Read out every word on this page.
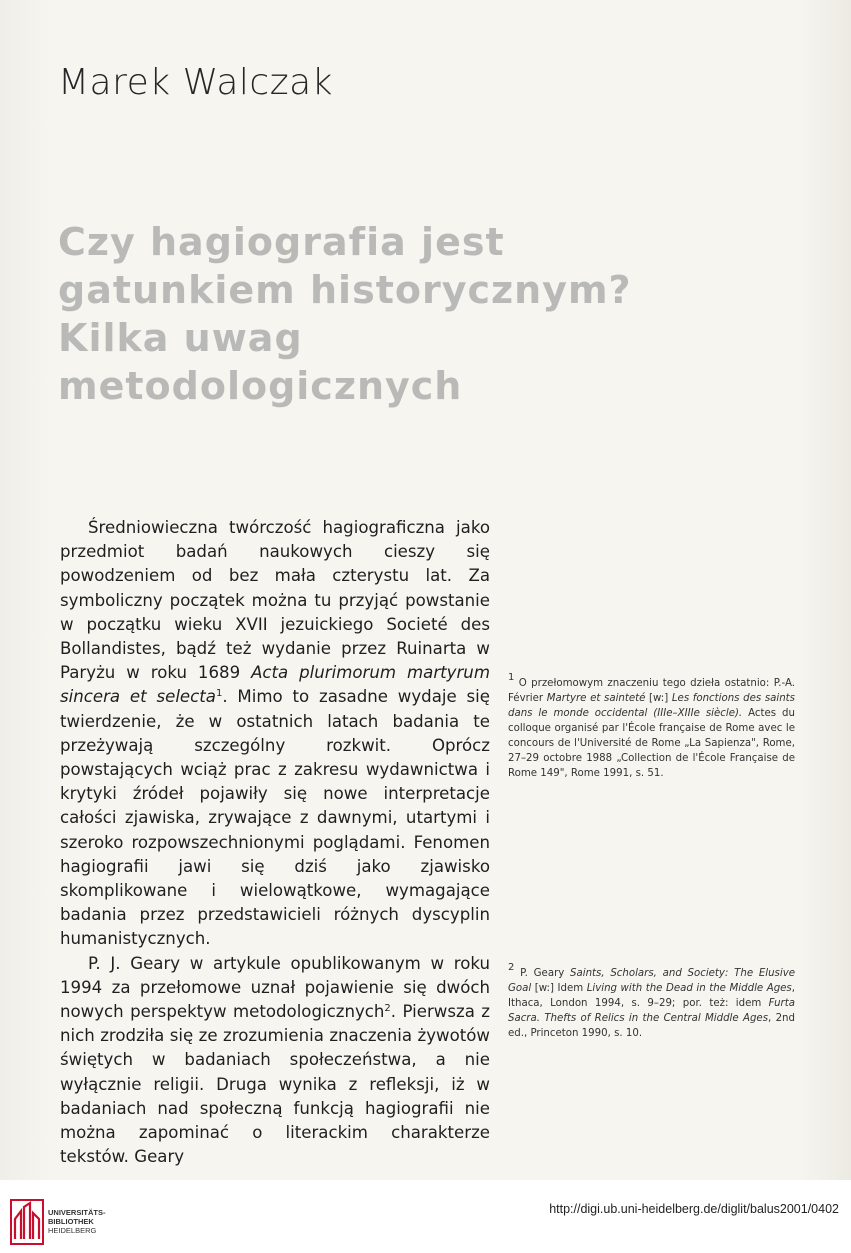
Marek Walczak
Czy hagiografia jest
gatunkiem historycznym?
Kilka uwag
metodologicznych

Średniowieczna twórczość hagiograficzna jako przedmiot badań naukowych cieszy się powodzeniem od bez mała czterystu lat. Za symboliczny początek można tu przyjąć powstanie w początku wieku XVII jezuickiego Societé des Bollandistes, bądź też wydanie przez Ruinarta w Paryżu w roku 1689 Acta plurimorum martyrum sincera et selecta$^1$. Mimo to zasadne wydaje się twierdzenie, że w ostatnich latach badania te przeżywają szczególny rozkwit. Oprócz powstających wciąż prac z zakresu wydawnictwa i krytyki źródeł pojawiły się nowe interpretacje całości zjawiska, zrywające z dawnymi, utartymi i szeroko rozpowszechnionymi poglądami. Fenomen hagiografii jawi się dziś jako zjawisko skomplikowane i wielowątkowe, wymagające badania przez przedstawicieli różnych dyscyplin humanistycznych.

P. J. Geary w artykule opublikowanym w roku 1994 za przełomowe uznał pojawienie się dwóch nowych perspektyw metodologicznych$^2$. Pierwsza z nich zrodziła się ze zrozumienia znaczenia żywotów świętych w badaniach społeczeństwa, a nie wyłącznie religii. Druga wynika z refleksji, iż w badaniach nad społeczną funkcją hagiografii nie można zapominać o literackim charakterze tekstów. Geary

$^1$ O przełomowym znaczeniu tego dzieła ostatnio: P.-A. Février Martyre et sainteté [w:] Les fonctions des saints dans le monde occidental (IIIe–XIIIe siècle). Actes du colloque organisé par l'École française de Rome avec le concours de l'Université de Rome „La Sapienza", Rome, 27–29 octobre 1988 „Collection de l'École Française de Rome 149", Rome 1991, s. 51.
$^2$ P. Geary Saints, Scholars, and Society: The Elusive Goal [w:] Idem Living with the Dead in the Middle Ages, Ithaca, London 1994, s. 9–29; por. też: idem Furta Sacra. Thefts of Relics in the Central Middle Ages, 2nd ed., Princeton 1990, s. 10.
UNIVERSITÄTS-
BIBLIOTHEK
HEIDELBERG
http://digi.ub.uni-heidelberg.de/diglit/balus2001/0402
